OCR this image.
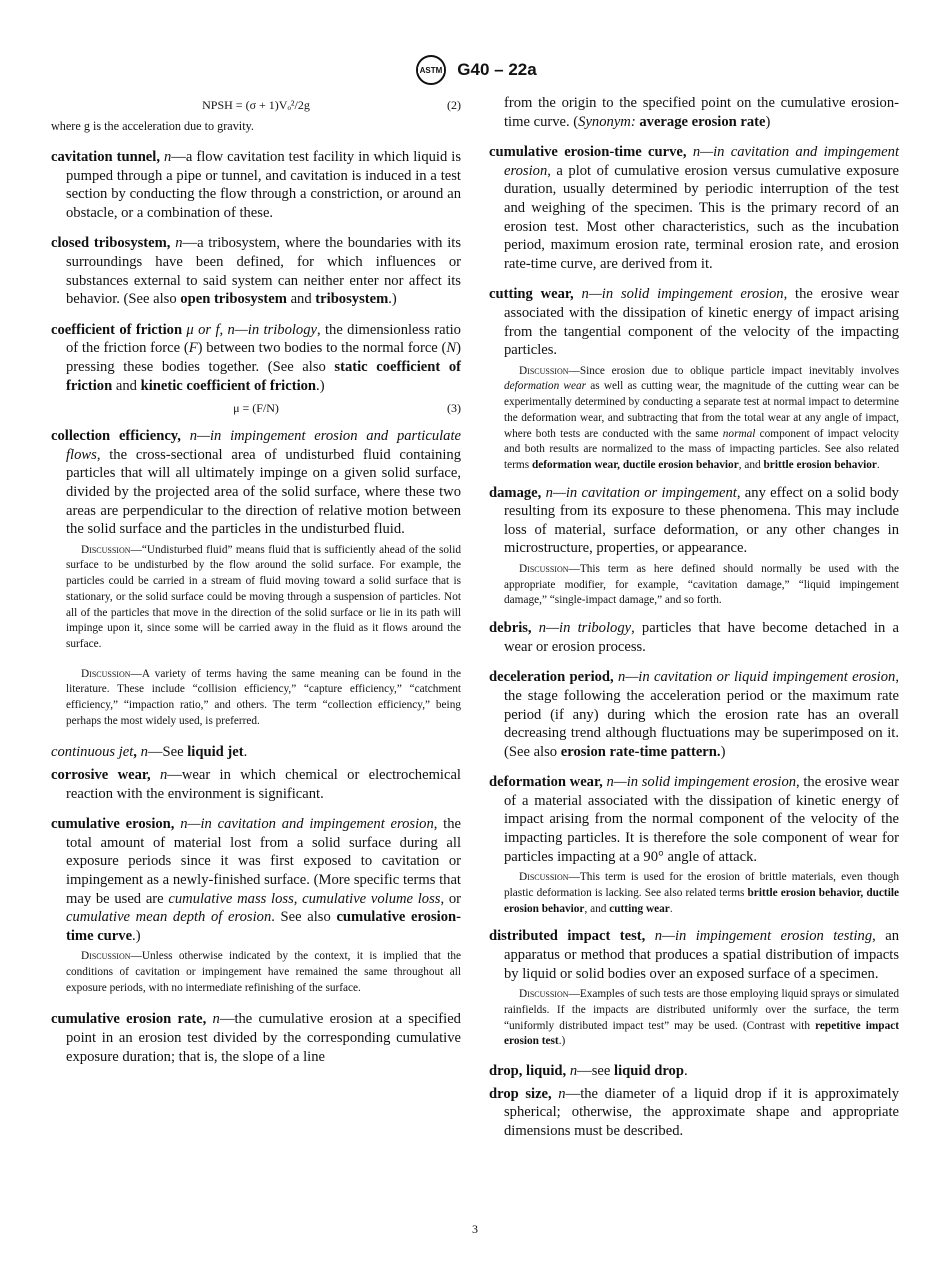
ASTM G40 – 22a
NPSH = (σ + 1)Vₒ²/2g	(2)
where g is the acceleration due to gravity.
cavitation tunnel, n—a flow cavitation test facility in which liquid is pumped through a pipe or tunnel, and cavitation is induced in a test section by conducting the flow through a constriction, or around an obstacle, or a combination of these.
closed tribosystem, n—a tribosystem, where the boundaries with its surroundings have been defined, for which influences or substances external to said system can neither enter nor affect its behavior. (See also open tribosystem and tribosystem.)
coefficient of friction μ or f, n—in tribology, the dimensionless ratio of the friction force (F) between two bodies to the normal force (N) pressing these bodies together. (See also static coefficient of friction and kinetic coefficient of friction.)
μ = (F/N)	(3)
collection efficiency, n—in impingement erosion and particulate flows, the cross-sectional area of undisturbed fluid containing particles that will all ultimately impinge on a given solid surface, divided by the projected area of the solid surface, where these two areas are perpendicular to the direction of relative motion between the solid surface and the particles in the undisturbed fluid.
Discussion—“Undisturbed fluid” means fluid that is sufficiently ahead of the solid surface to be undisturbed by the flow around the solid surface. For example, the particles could be carried in a stream of fluid moving toward a solid surface that is stationary, or the solid surface could be moving through a suspension of particles. Not all of the particles that move in the direction of the solid surface or lie in its path will impinge upon it, since some will be carried away in the fluid as it flows around the surface.
Discussion—A variety of terms having the same meaning can be found in the literature. These include “collision efficiency,” “capture efficiency,” “catchment efficiency,” “impaction ratio,” and others. The term “collection efficiency,” being perhaps the most widely used, is preferred.
continuous jet, n—See liquid jet.
corrosive wear, n—wear in which chemical or electrochemical reaction with the environment is significant.
cumulative erosion, n—in cavitation and impingement erosion, the total amount of material lost from a solid surface during all exposure periods since it was first exposed to cavitation or impingement as a newly-finished surface. (More specific terms that may be used are cumulative mass loss, cumulative volume loss, or cumulative mean depth of erosion. See also cumulative erosion-time curve.)
Discussion—Unless otherwise indicated by the context, it is implied that the conditions of cavitation or impingement have remained the same throughout all exposure periods, with no intermediate refinishing of the surface.
cumulative erosion rate, n—the cumulative erosion at a specified point in an erosion test divided by the corresponding cumulative exposure duration; that is, the slope of a line
from the origin to the specified point on the cumulative erosion-time curve. (Synonym: average erosion rate)
cumulative erosion-time curve, n—in cavitation and impingement erosion, a plot of cumulative erosion versus cumulative exposure duration, usually determined by periodic interruption of the test and weighing of the specimen. This is the primary record of an erosion test. Most other characteristics, such as the incubation period, maximum erosion rate, terminal erosion rate, and erosion rate-time curve, are derived from it.
cutting wear, n—in solid impingement erosion, the erosive wear associated with the dissipation of kinetic energy of impact arising from the tangential component of the velocity of the impacting particles.
Discussion—Since erosion due to oblique particle impact inevitably involves deformation wear as well as cutting wear, the magnitude of the cutting wear can be experimentally determined by conducting a separate test at normal impact to determine the deformation wear, and subtracting that from the total wear at any angle of impact, where both tests are conducted with the same normal component of impact velocity and both results are normalized to the mass of impacting particles. See also related terms deformation wear, ductile erosion behavior, and brittle erosion behavior.
damage, n—in cavitation or impingement, any effect on a solid body resulting from its exposure to these phenomena. This may include loss of material, surface deformation, or any other changes in microstructure, properties, or appearance.
Discussion—This term as here defined should normally be used with the appropriate modifier, for example, “cavitation damage,” “liquid impingement damage,” “single-impact damage,” and so forth.
debris, n—in tribology, particles that have become detached in a wear or erosion process.
deceleration period, n—in cavitation or liquid impingement erosion, the stage following the acceleration period or the maximum rate period (if any) during which the erosion rate has an overall decreasing trend although fluctuations may be superimposed on it. (See also erosion rate-time pattern.)
deformation wear, n—in solid impingement erosion, the erosive wear of a material associated with the dissipation of kinetic energy of impact arising from the normal component of the velocity of the impacting particles. It is therefore the sole component of wear for particles impacting at a 90° angle of attack.
Discussion—This term is used for the erosion of brittle materials, even though plastic deformation is lacking. See also related terms brittle erosion behavior, ductile erosion behavior, and cutting wear.
distributed impact test, n—in impingement erosion testing, an apparatus or method that produces a spatial distribution of impacts by liquid or solid bodies over an exposed surface of a specimen.
Discussion—Examples of such tests are those employing liquid sprays or simulated rainfields. If the impacts are distributed uniformly over the surface, the term “uniformly distributed impact test” may be used. (Contrast with repetitive impact erosion test.)
drop, liquid, n—see liquid drop.
drop size, n—the diameter of a liquid drop if it is approximately spherical; otherwise, the approximate shape and appropriate dimensions must be described.
3
